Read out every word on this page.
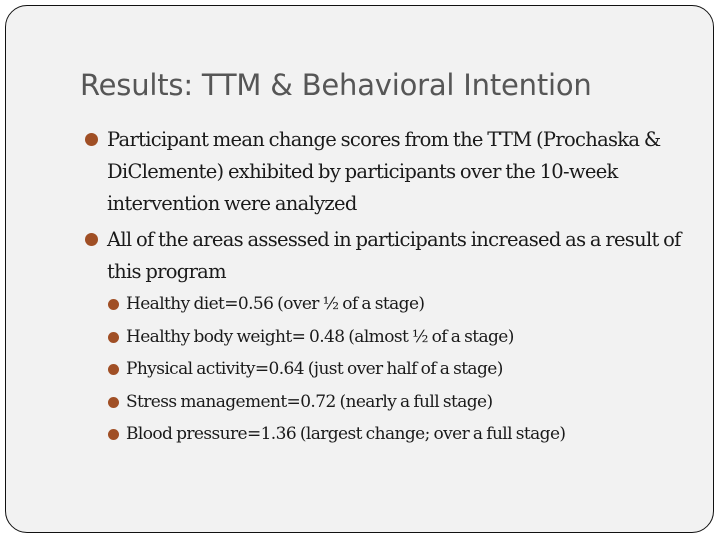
Results: TTM & Behavioral Intention

Participant mean change scores from the TTM (Prochaska & DiClemente) exhibited by participants over the 10-week intervention were analyzed

All of the areas assessed in participants increased as a result of this program

Healthy diet=0.56 (over ½ of a stage)

Healthy body weight= 0.48 (almost ½ of a stage)

Physical activity=0.64 (just over half of a stage)

Stress management=0.72 (nearly a full stage)

Blood pressure=1.36 (largest change; over a full stage)
